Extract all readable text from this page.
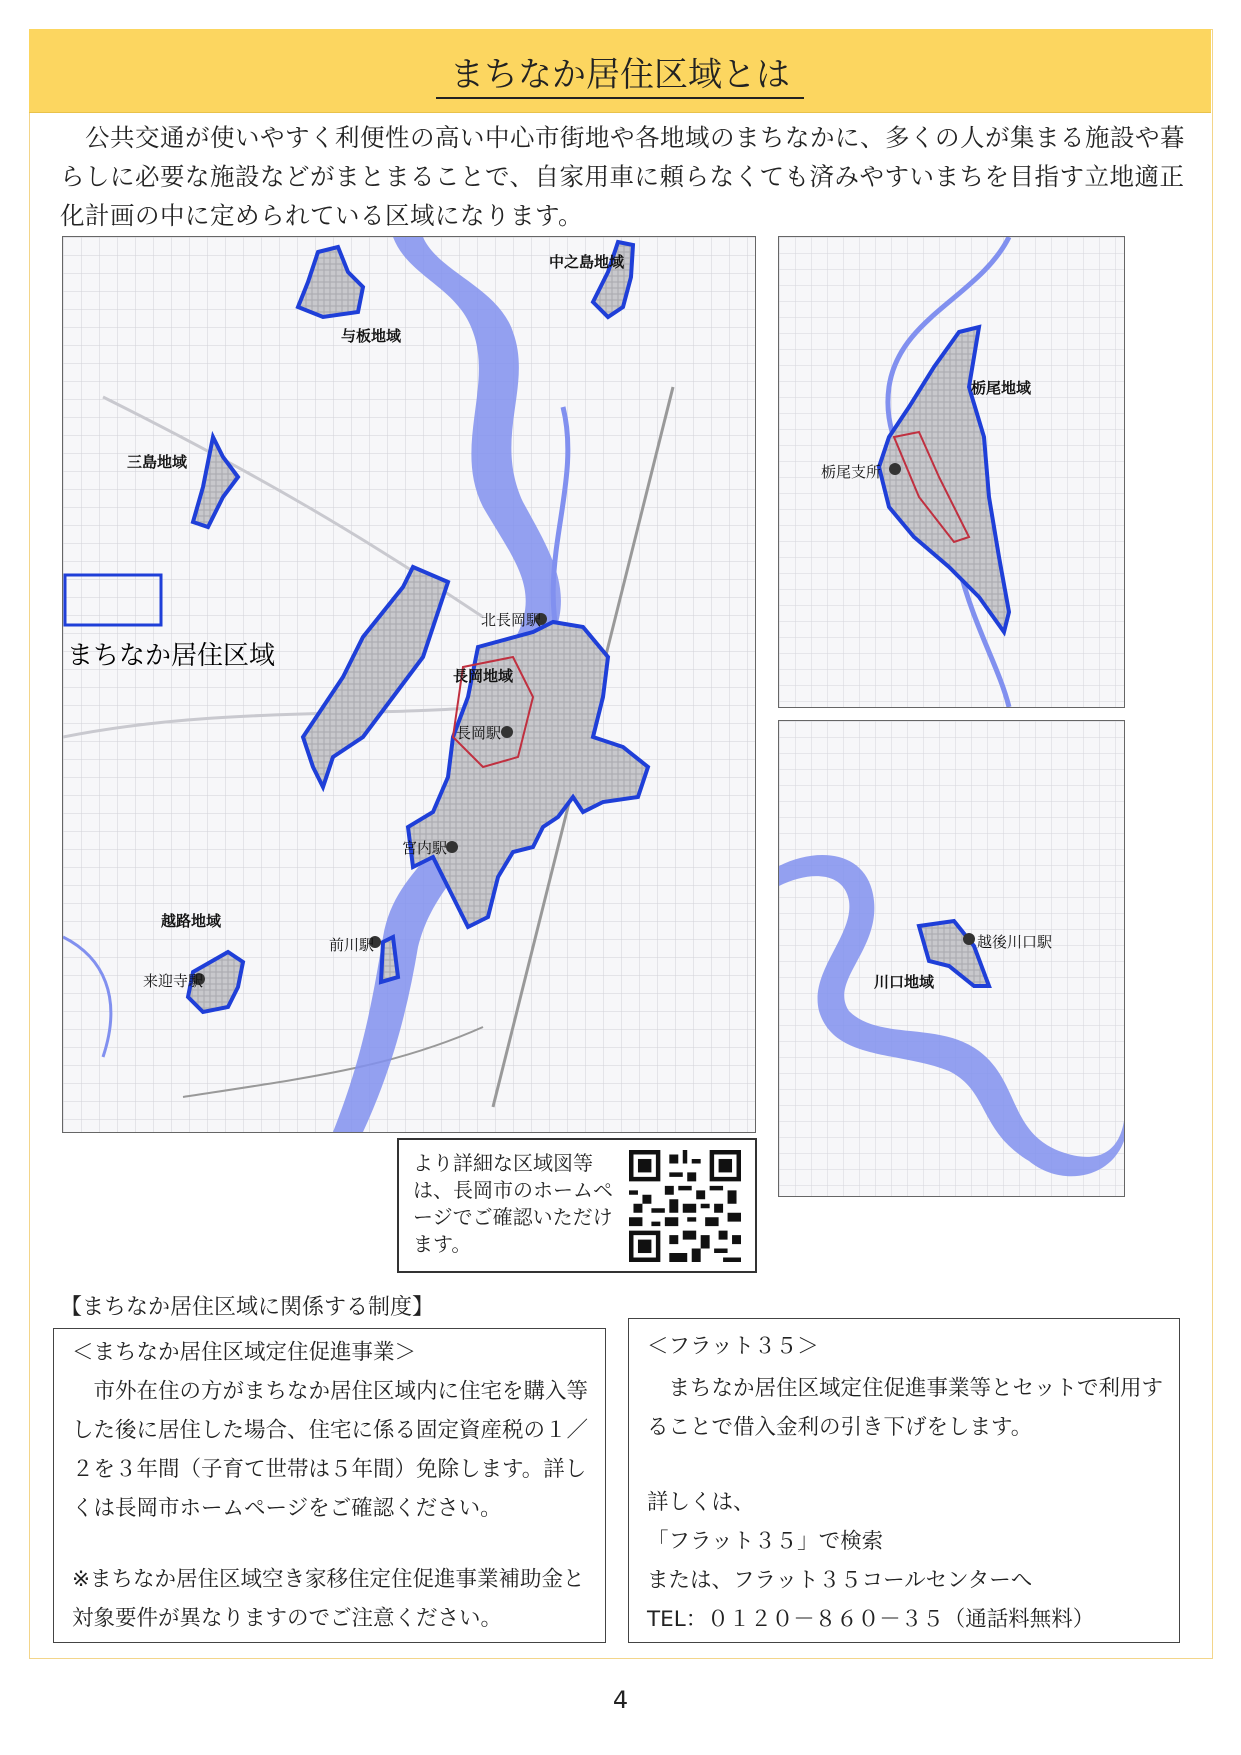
まちなか居住区域とは
　公共交通が使いやすく利便性の高い中心市街地や各地域のまちなかに、多くの人が集まる施設や暮らしに必要な施設などがまとまることで、自家用車に頼らなくても済みやすいまちを目指す立地適正化計画の中に定められている区域になります。
中之島地域
与板地域
三島地域
長岡地域
越路地域
北長岡駅
長岡駅
宮内駅
前川駅
来迎寺駅
まちなか居住区域
栃尾地域
栃尾支所
越後川口駅
川口地域
より詳細な区域図等は、長岡市のホームページでご確認いただけます。
【まちなか居住区域に関係する制度】
＜まちなか居住区域定住促進事業＞
　市外在住の方がまちなか居住区域内に住宅を購入等した後に居住した場合、住宅に係る固定資産税の１／２を３年間（子育て世帯は５年間）免除します。詳しくは長岡市ホームページをご確認ください。
※まちなか居住区域空き家移住定住促進事業補助金と対象要件が異なりますのでご注意ください。
＜フラット３５＞
　まちなか居住区域定住促進事業等とセットで利用することで借入金利の引き下げをします。
詳しくは、
「フラット３５」で検索
または、フラット３５コールセンターへ
TEL：０１２０－８６０－３５（通話料無料）
4
